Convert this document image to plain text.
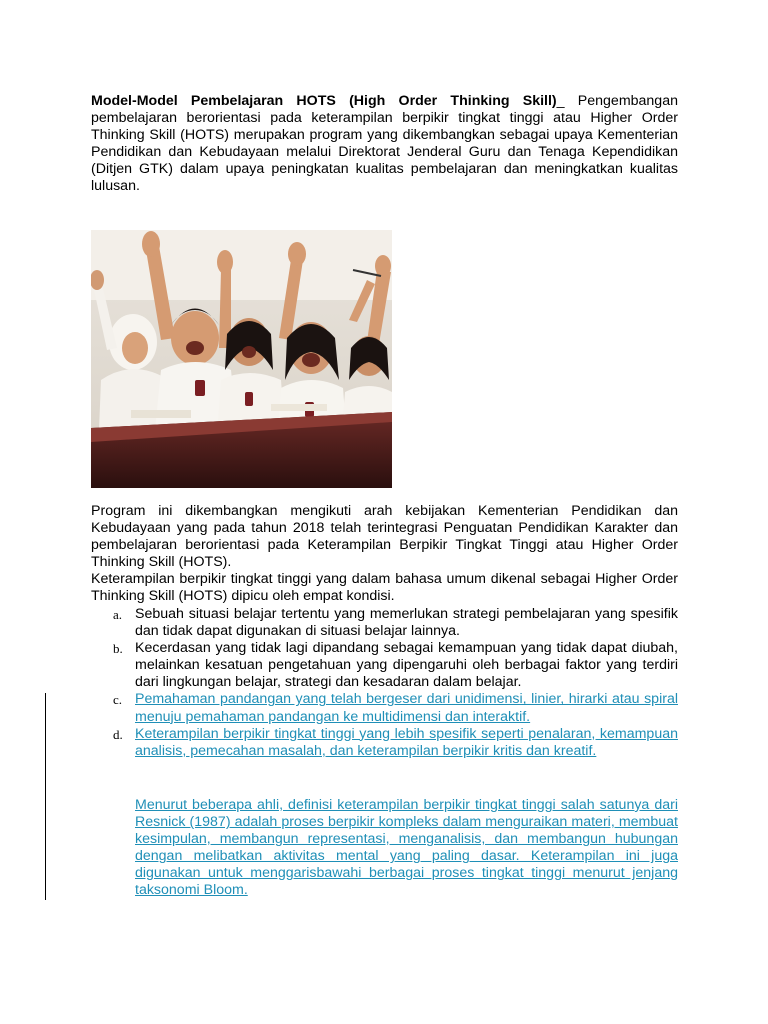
Model-Model Pembelajaran HOTS (High Order Thinking Skill)_ Pengembangan pembelajaran berorientasi pada keterampilan berpikir tingkat tinggi atau Higher Order Thinking Skill (HOTS) merupakan program yang dikembangkan sebagai upaya Kementerian Pendidikan dan Kebudayaan melalui Direktorat Jenderal Guru dan Tenaga Kependidikan (Ditjen GTK) dalam upaya peningkatan kualitas pembelajaran dan meningkatkan kualitas lulusan.

Program ini dikembangkan mengikuti arah kebijakan Kementerian Pendidikan dan Kebudayaan yang pada tahun 2018 telah terintegrasi Penguatan Pendidikan Karakter dan pembelajaran berorientasi pada Keterampilan Berpikir Tingkat Tinggi atau Higher Order Thinking Skill (HOTS).

Keterampilan berpikir tingkat tinggi yang dalam bahasa umum dikenal sebagai Higher Order Thinking Skill (HOTS) dipicu oleh empat kondisi.

a. Sebuah situasi belajar tertentu yang memerlukan strategi pembelajaran yang spesifik dan tidak dapat digunakan di situasi belajar lainnya.
b. Kecerdasan yang tidak lagi dipandang sebagai kemampuan yang tidak dapat diubah, melainkan kesatuan pengetahuan yang dipengaruhi oleh berbagai faktor yang terdiri dari lingkungan belajar, strategi dan kesadaran dalam belajar.
c. Pemahaman pandangan yang telah bergeser dari unidimensi, linier, hirarki atau spiral menuju pemahaman pandangan ke multidimensi dan interaktif.
d. Keterampilan berpikir tingkat tinggi yang lebih spesifik seperti penalaran, kemampuan analisis, pemecahan masalah, dan keterampilan berpikir kritis dan kreatif.

Menurut beberapa ahli, definisi keterampilan berpikir tingkat tinggi salah satunya dari Resnick (1987) adalah proses berpikir kompleks dalam menguraikan materi, membuat kesimpulan, membangun representasi, menganalisis, dan membangun hubungan dengan melibatkan aktivitas mental yang paling dasar. Keterampilan ini juga digunakan untuk menggarisbawahi berbagai proses tingkat tinggi menurut jenjang taksonomi Bloom.
